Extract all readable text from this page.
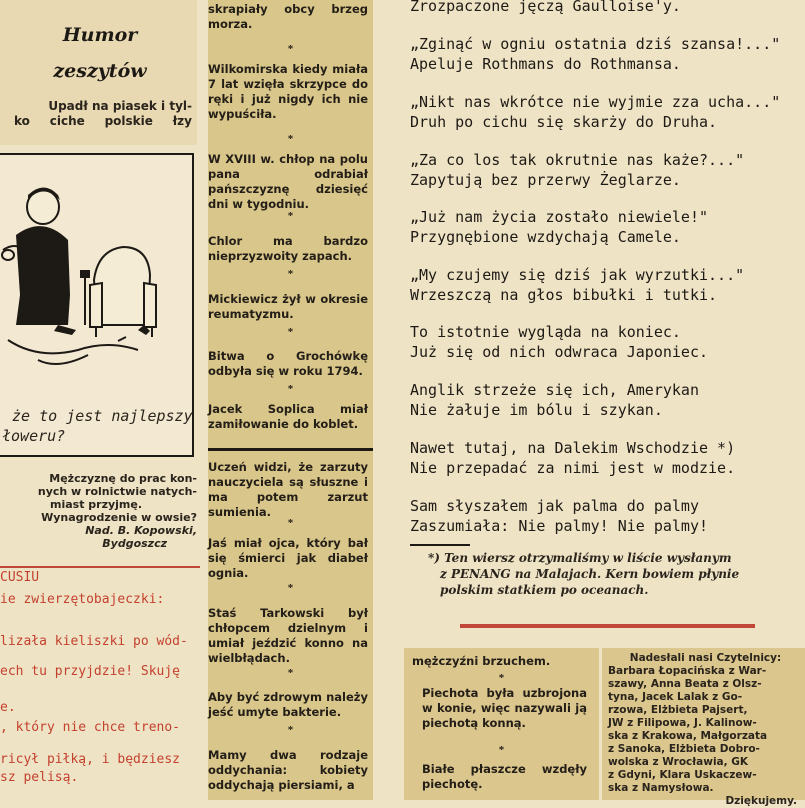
Humor
zeszytów
Upadł na piasek i tyl-
ko ciche polskie łzy
że to jest najlepszy
łoweru?
Mężczyznę do prac kon-
nych w rolnictwie natych-
miast przyjmę.
Wynagrodzenie w owsie?
Nad. B. Kopowski,
Bydgoszcz
CUSIU
ie zwierzętobajeczki:
lizała kieliszki po wód-
ech tu przyjdzie! Skuję
e.
, który nie chce treno-
ricył piłką, i będziesz
sz pelisą.
skrapiały obcy brzeg morza.
*
Wilkomirska kiedy miała 7 lat wzięła skrzypce do ręki i już nigdy ich nie wypuściła.
*
W XVIII w. chłop na polu pana odrabiał pańszczyznę dziesięć dni w tygodniu.
*
Chlor ma bardzo nieprzyzwoity zapach.
*
Mickiewicz żył w okresie reumatyzmu.
*
Bitwa o Grochówkę odbyła się w roku 1794.
*
Jacek Soplica miał zamiłowanie do koblet.
Uczeń widzi, że zarzuty nauczyciela są słuszne i ma potem zarzut sumienia.
*
Jaś miał ojca, który bał się śmierci jak diabeł ognia.
*
Staś Tarkowski był chłopcem dzielnym i umiał jeździć konno na wielbłądach.
*
Aby być zdrowym należy jeść umyte bakterie.
*
Mamy dwa rodzaje oddychania: kobiety oddychają piersiami, a
Zrozpaczone jęczą Gaulloise'y.
„Zginąć w ogniu ostatnia dziś szansa!..."
Apeluje Rothmans do Rothmansa.
„Nikt nas wkrótce nie wyjmie zza ucha..."
Druh po cichu się skarży do Druha.
„Za co los tak okrutnie nas każe?..."
Zapytują bez przerwy Żeglarze.
„Już nam życia zostało niewiele!"
Przygnębione wzdychają Camele.
„My czujemy się dziś jak wyrzutki..."
Wrzeszczą na głos bibułki i tutki.
To istotnie wygląda na koniec.
Już się od nich odwraca Japoniec.
Anglik strzeże się ich, Amerykan
Nie żałuje im bólu i szykan.
Nawet tutaj, na Dalekim Wschodzie *)
Nie przepadać za nimi jest w modzie.
Sam słyszałem jak palma do palmy
Zaszumiała: Nie palmy! Nie palmy!
*) Ten wiersz otrzymaliśmy w liście wysłanym
z PENANG na Malajach. Kern bowiem płynie
polskim statkiem po oceanach.
mężczyźni brzuchem.
*
Piechota była uzbrojona w konie, więc nazywali ją piechotą konną.
*
Białe płaszcze wzdęły piechotę.
Nadesłali nasi Czytelnicy:
Barbara Łopacińska z War-
szawy, Anna Beata z Olsz-
tyna, Jacek Lalak z Go-
rzowa, Elżbieta Pajsert,
JW z Filipowa, J. Kalinow-
ska z Krakowa, Małgorzata
z Sanoka, Elżbieta Dobro-
wolska z Wrocławia, GK
z Gdyni, Klara Uskaczew-
ska z Namysłowa.
Dziękujemy.
